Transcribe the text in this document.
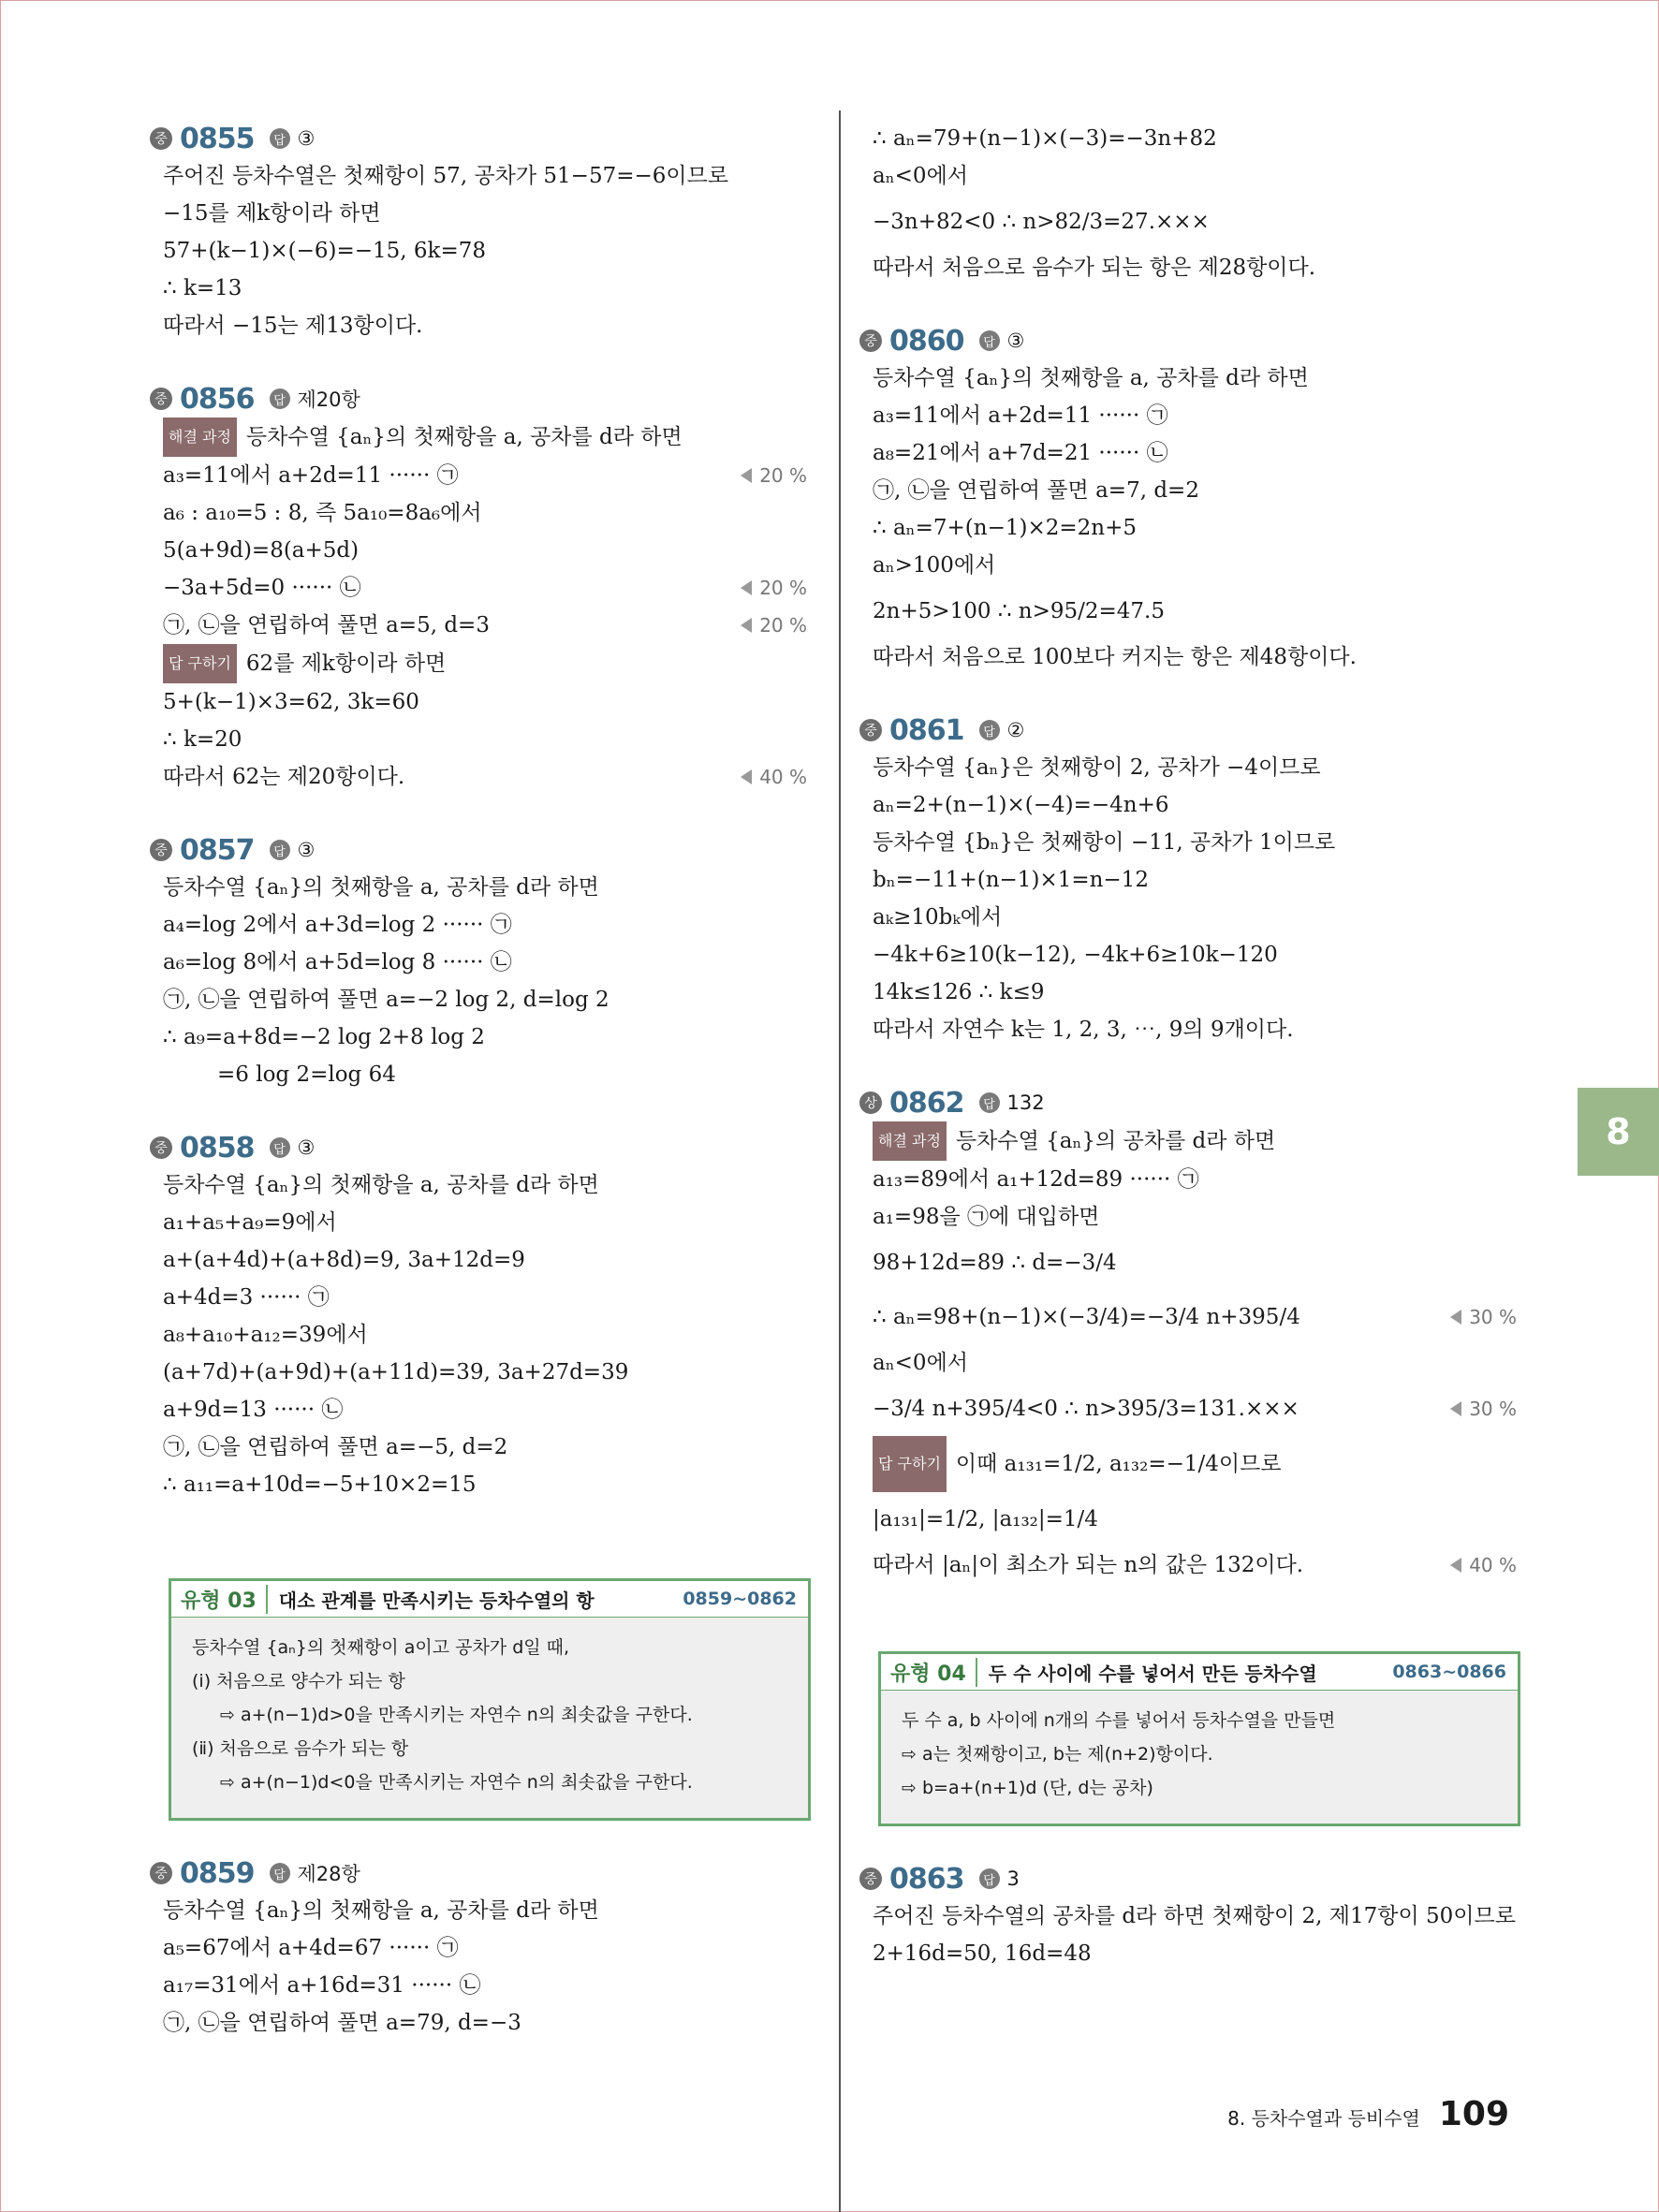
중 0855	답 ③
주어진 등차수열은 첫째항이 57, 공차가 51−57=−6이므로
−15를 제k항이라 하면
57+(k−1)×(−6)=−15, 6k=78
∴ k=13
따라서 −15는 제13항이다.
중 0856	답 제20항
해결 과정 등차수열 {aₙ}의 첫째항을 a, 공차를 d라 하면
a₃=11에서 a+2d=11 ······ ㉠	20 %
a₆ : a₁₀=5 : 8, 즉 5a₁₀=8a₆에서
5(a+9d)=8(a+5d)
−3a+5d=0 ······ ㉡	20 %
㉠, ㉡을 연립하여 풀면 a=5, d=3	20 %
답 구하기 62를 제k항이라 하면
5+(k−1)×3=62, 3k=60
∴ k=20
따라서 62는 제20항이다.	40 %
중 0857	답 ③
등차수열 {aₙ}의 첫째항을 a, 공차를 d라 하면
a₄=log 2에서 a+3d=log 2 ······ ㉠
a₆=log 8에서 a+5d=log 8 ······ ㉡
㉠, ㉡을 연립하여 풀면 a=−2 log 2, d=log 2
∴ a₉=a+8d=−2 log 2+8 log 2
=6 log 2=log 64
중 0858	답 ③
등차수열 {aₙ}의 첫째항을 a, 공차를 d라 하면
a₁+a₅+a₉=9에서
a+(a+4d)+(a+8d)=9, 3a+12d=9
a+4d=3 ······ ㉠
a₈+a₁₀+a₁₂=39에서
(a+7d)+(a+9d)+(a+11d)=39, 3a+27d=39
a+9d=13 ······ ㉡
㉠, ㉡을 연립하여 풀면 a=−5, d=2
∴ a₁₁=a+10d=−5+10×2=15
유형 03	대소 관계를 만족시키는 등차수열의 항	0859~0862
등차수열 {aₙ}의 첫째항이 a이고 공차가 d일 때,
(ⅰ) 처음으로 양수가 되는 항
⇨ a+(n−1)d>0을 만족시키는 자연수 n의 최솟값을 구한다.
(ⅱ) 처음으로 음수가 되는 항
⇨ a+(n−1)d<0을 만족시키는 자연수 n의 최솟값을 구한다.
중 0859	답 제28항
등차수열 {aₙ}의 첫째항을 a, 공차를 d라 하면
a₅=67에서 a+4d=67 ······ ㉠
a₁₇=31에서 a+16d=31 ······ ㉡
㉠, ㉡을 연립하여 풀면 a=79, d=−3
∴ aₙ=79+(n−1)×(−3)=−3n+82
aₙ<0에서
−3n+82<0 ∴ n>82/3=27.×××
따라서 처음으로 음수가 되는 항은 제28항이다.
중 0860	답 ③
등차수열 {aₙ}의 첫째항을 a, 공차를 d라 하면
a₃=11에서 a+2d=11 ······ ㉠
a₈=21에서 a+7d=21 ······ ㉡
㉠, ㉡을 연립하여 풀면 a=7, d=2
∴ aₙ=7+(n−1)×2=2n+5
aₙ>100에서
2n+5>100 ∴ n>95/2=47.5
따라서 처음으로 100보다 커지는 항은 제48항이다.
중 0861	답 ②
등차수열 {aₙ}은 첫째항이 2, 공차가 −4이므로
aₙ=2+(n−1)×(−4)=−4n+6
등차수열 {bₙ}은 첫째항이 −11, 공차가 1이므로
bₙ=−11+(n−1)×1=n−12
aₖ≥10bₖ에서
−4k+6≥10(k−12), −4k+6≥10k−120
14k≤126 ∴ k≤9
따라서 자연수 k는 1, 2, 3, ⋯, 9의 9개이다.
상 0862	답 132
해결 과정 등차수열 {aₙ}의 공차를 d라 하면
a₁₃=89에서 a₁+12d=89 ······ ㉠
a₁=98을 ㉠에 대입하면
98+12d=89 ∴ d=−3/4
∴ aₙ=98+(n−1)×(−3/4)=−3/4 n+395/4	30 %
aₙ<0에서
−3/4 n+395/4<0 ∴ n>395/3=131.×××	30 %
답 구하기 이때 a₁₃₁=1/2, a₁₃₂=−1/4이므로
|a₁₃₁|=1/2, |a₁₃₂|=1/4
따라서 |aₙ|이 최소가 되는 n의 값은 132이다.	40 %
유형 04	두 수 사이에 수를 넣어서 만든 등차수열	0863~0866
두 수 a, b 사이에 n개의 수를 넣어서 등차수열을 만들면
⇨ a는 첫째항이고, b는 제(n+2)항이다.
⇨ b=a+(n+1)d (단, d는 공차)
중 0863	답 3
주어진 등차수열의 공차를 d라 하면 첫째항이 2, 제17항이 50이므로
2+16d=50, 16d=48
8
8. 등차수열과 등비수열 109
